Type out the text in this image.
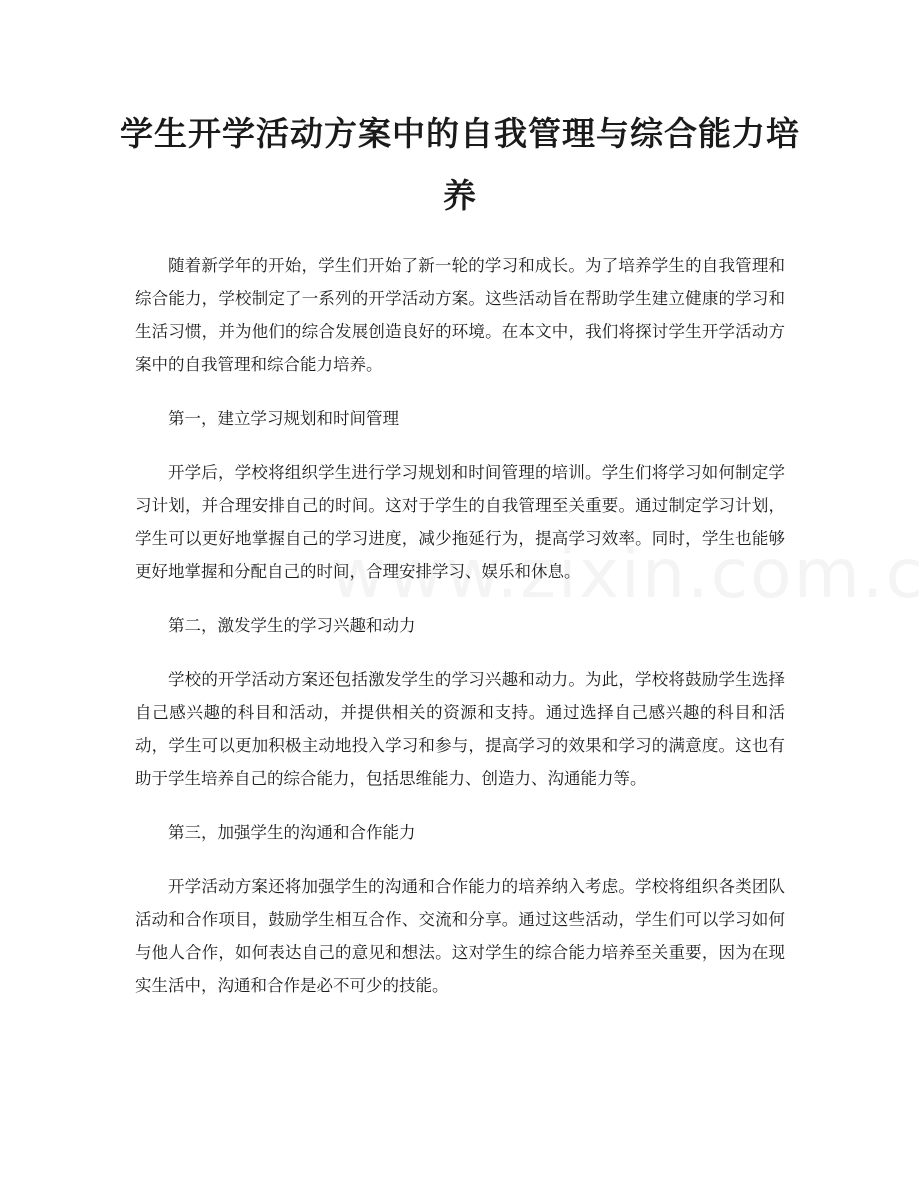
学生开学活动方案中的自我管理与综合能力培养

随着新学年的开始，学生们开始了新一轮的学习和成长。为了培养学生的自我管理和综合能力，学校制定了一系列的开学活动方案。这些活动旨在帮助学生建立健康的学习和生活习惯，并为他们的综合发展创造良好的环境。在本文中，我们将探讨学生开学活动方案中的自我管理和综合能力培养。

第一，建立学习规划和时间管理

开学后，学校将组织学生进行学习规划和时间管理的培训。学生们将学习如何制定学习计划，并合理安排自己的时间。这对于学生的自我管理至关重要。通过制定学习计划，学生可以更好地掌握自己的学习进度，减少拖延行为，提高学习效率。同时，学生也能够更好地掌握和分配自己的时间，合理安排学习、娱乐和休息。

第二，激发学生的学习兴趣和动力

学校的开学活动方案还包括激发学生的学习兴趣和动力。为此，学校将鼓励学生选择自己感兴趣的科目和活动，并提供相关的资源和支持。通过选择自己感兴趣的科目和活动，学生可以更加积极主动地投入学习和参与，提高学习的效果和学习的满意度。这也有助于学生培养自己的综合能力，包括思维能力、创造力、沟通能力等。

第三，加强学生的沟通和合作能力

开学活动方案还将加强学生的沟通和合作能力的培养纳入考虑。学校将组织各类团队活动和合作项目，鼓励学生相互合作、交流和分享。通过这些活动，学生们可以学习如何与他人合作，如何表达自己的意见和想法。这对学生的综合能力培养至关重要，因为在现实生活中，沟通和合作是必不可少的技能。
